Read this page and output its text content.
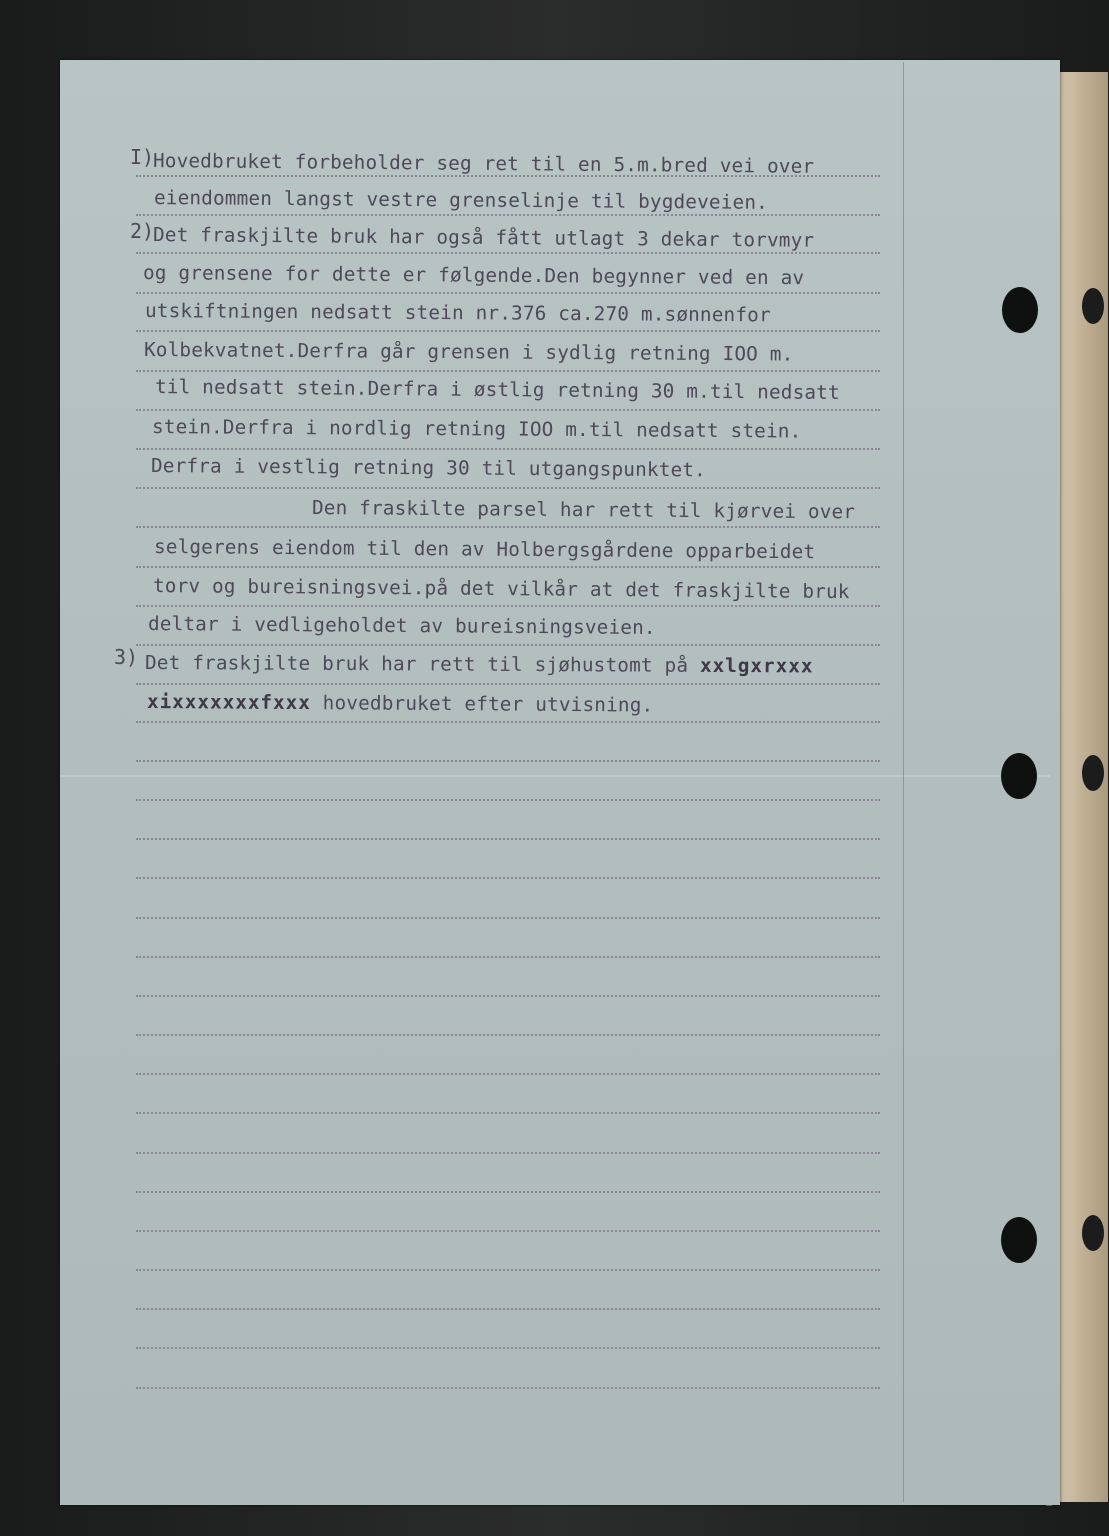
I)
Hovedbruket forbeholder seg ret til en 5.m.bred vei over
eiendommen langst vestre grenselinje til bygdeveien.
2)
Det fraskjilte bruk har også fått utlagt 3 dekar torvmyr
og grensene for dette er følgende.Den begynner ved en av
utskiftningen nedsatt stein nr.376 ca.270 m.sønnenfor
Kolbekvatnet.Derfra går grensen i sydlig retning IOO m.
til nedsatt stein.Derfra i østlig retning 30 m.til nedsatt
stein.Derfra i nordlig retning IOO m.til nedsatt stein.
Derfra i vestlig retning 30 til utgangspunktet.
Den fraskilte parsel har rett til kjørvei over
selgerens eiendom til den av Holbergsgårdene opparbeidet
torv og bureisningsvei.på det vilkår at det fraskjilte bruk
deltar i vedligeholdet av bureisningsveien.
3) Det fraskjilte bruk har rett til sjøhustomt på xxlgxrxxx
xixxxxxxxfxxx hovedbruket efter utvisning.
